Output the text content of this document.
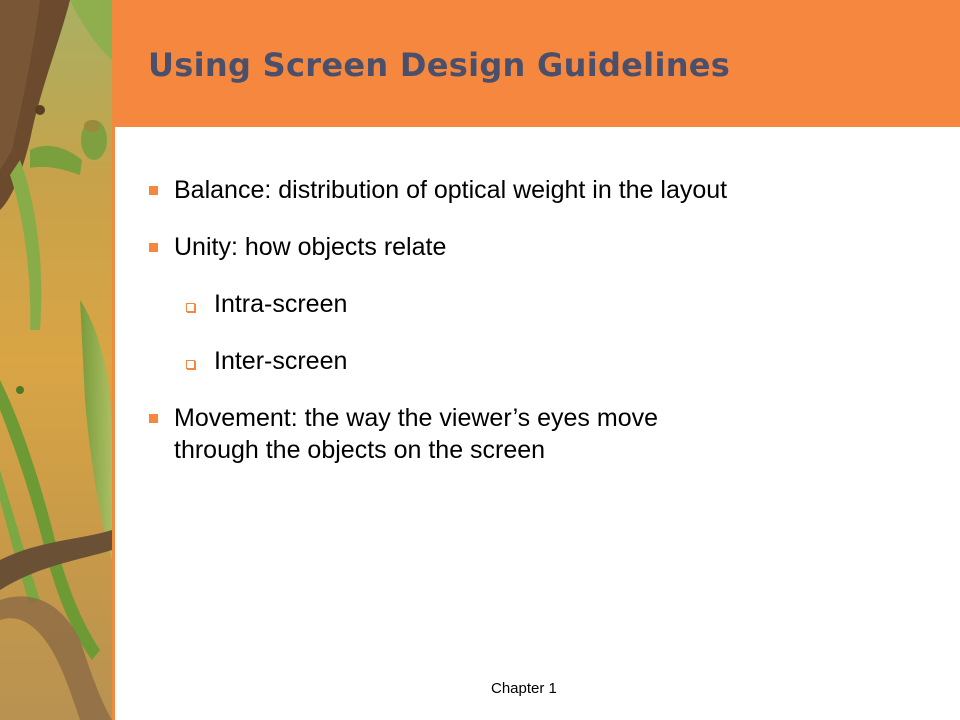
Using Screen Design Guidelines
Balance: distribution of optical weight in the layout
Unity: how objects relate
Intra-screen
Inter-screen
Movement: the way the viewer’s eyes move
through the objects on the screen
Chapter 1
